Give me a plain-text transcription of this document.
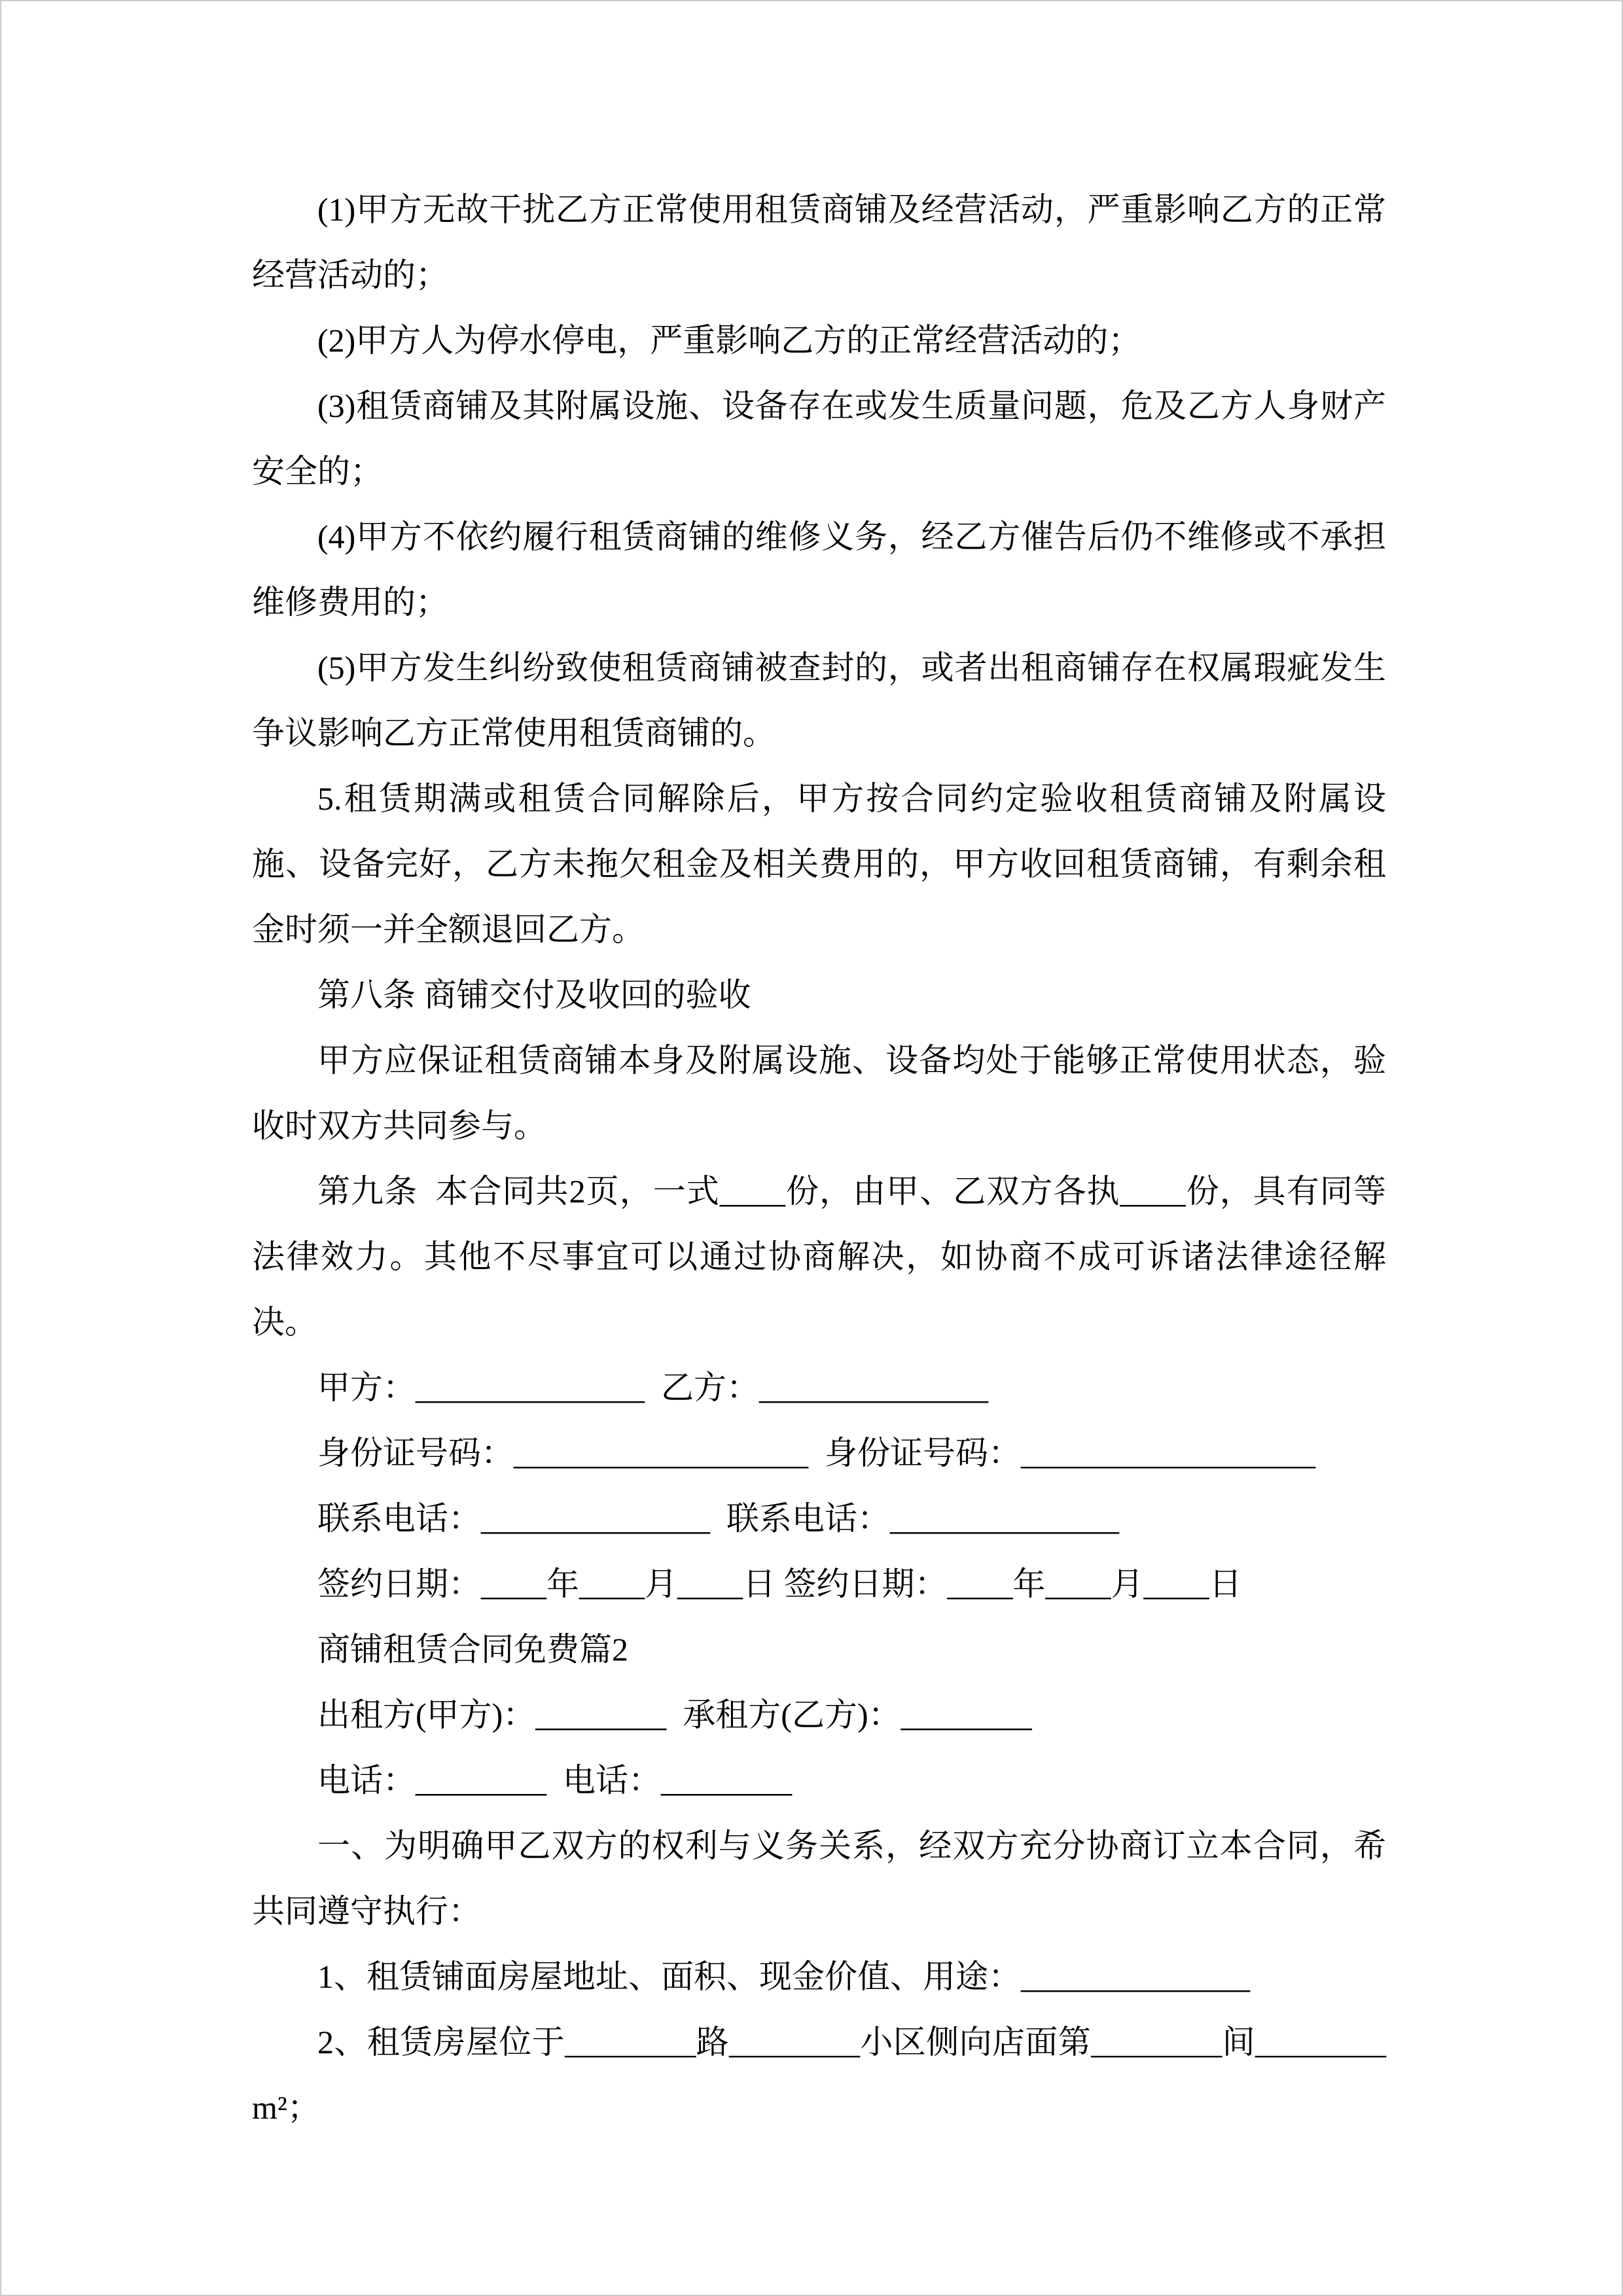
(1)甲方无故干扰乙方正常使用租赁商铺及经营活动，严重影响乙方的正常经营活动的；

(2)甲方人为停水停电，严重影响乙方的正常经营活动的；

(3)租赁商铺及其附属设施、设备存在或发生质量问题，危及乙方人身财产安全的；

(4)甲方不依约履行租赁商铺的维修义务，经乙方催告后仍不维修或不承担维修费用的；

(5)甲方发生纠纷致使租赁商铺被查封的，或者出租商铺存在权属瑕疵发生争议影响乙方正常使用租赁商铺的。

5.租赁期满或租赁合同解除后，甲方按合同约定验收租赁商铺及附属设施、设备完好，乙方未拖欠租金及相关费用的，甲方收回租赁商铺，有剩余租金时须一并全额退回乙方。

第八条 商铺交付及收回的验收

甲方应保证租赁商铺本身及附属设施、设备均处于能够正常使用状态，验收时双方共同参与。

第九条  本合同共2页，一式____份，由甲、乙双方各执____份，具有同等法律效力。其他不尽事宜可以通过协商解决，如协商不成可诉诸法律途径解决。

甲方：______________  乙方：______________

身份证号码：__________________  身份证号码：__________________

联系电话：______________  联系电话：______________

签约日期：____年____月____日 签约日期：____年____月____日

商铺租赁合同免费篇2

出租方(甲方)：________  承租方(乙方)：________

电话：________  电话：________

一、为明确甲乙双方的权利与义务关系，经双方充分协商订立本合同，希共同遵守执行：

1、租赁铺面房屋地址、面积、现金价值、用途：______________

2、租赁房屋位于________路________小区侧向店面第________间________m²；
